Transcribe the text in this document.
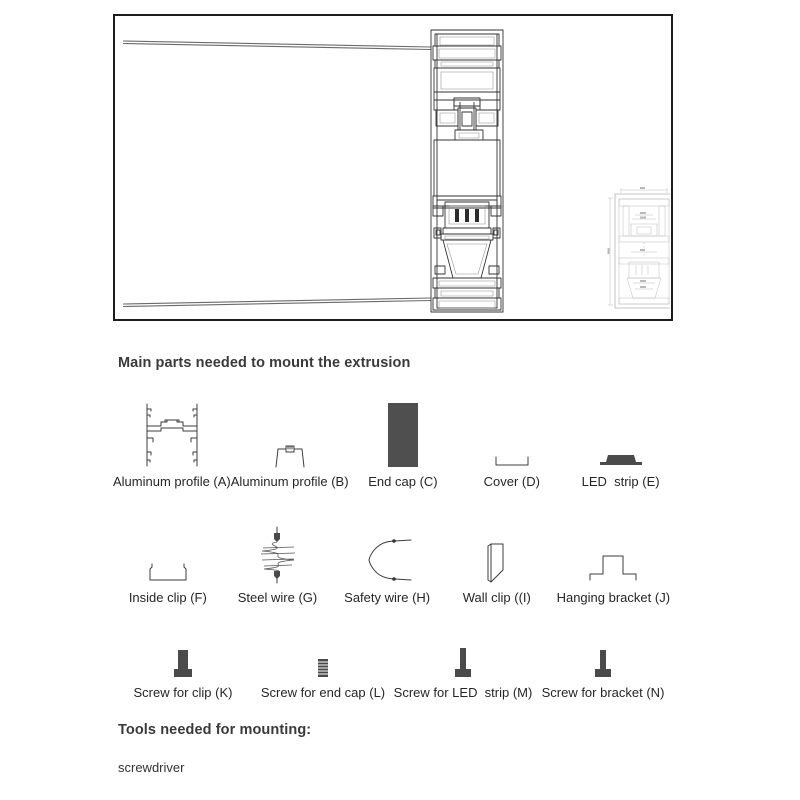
Main parts needed to mount the extrusion
Tools needed for mounting:
screwdriver
Aluminum profile (A) Aluminum profile (B) End cap (C)	Cover (D)	LED  strip (E)
Inside clip (F) Steel wire (G) Safety wire (H)	Wall clip ((I) Hanging bracket (J)
Screw for clip (K) Screw for end cap (L) Screw for LED  strip (M) Screw for bracket (N)
